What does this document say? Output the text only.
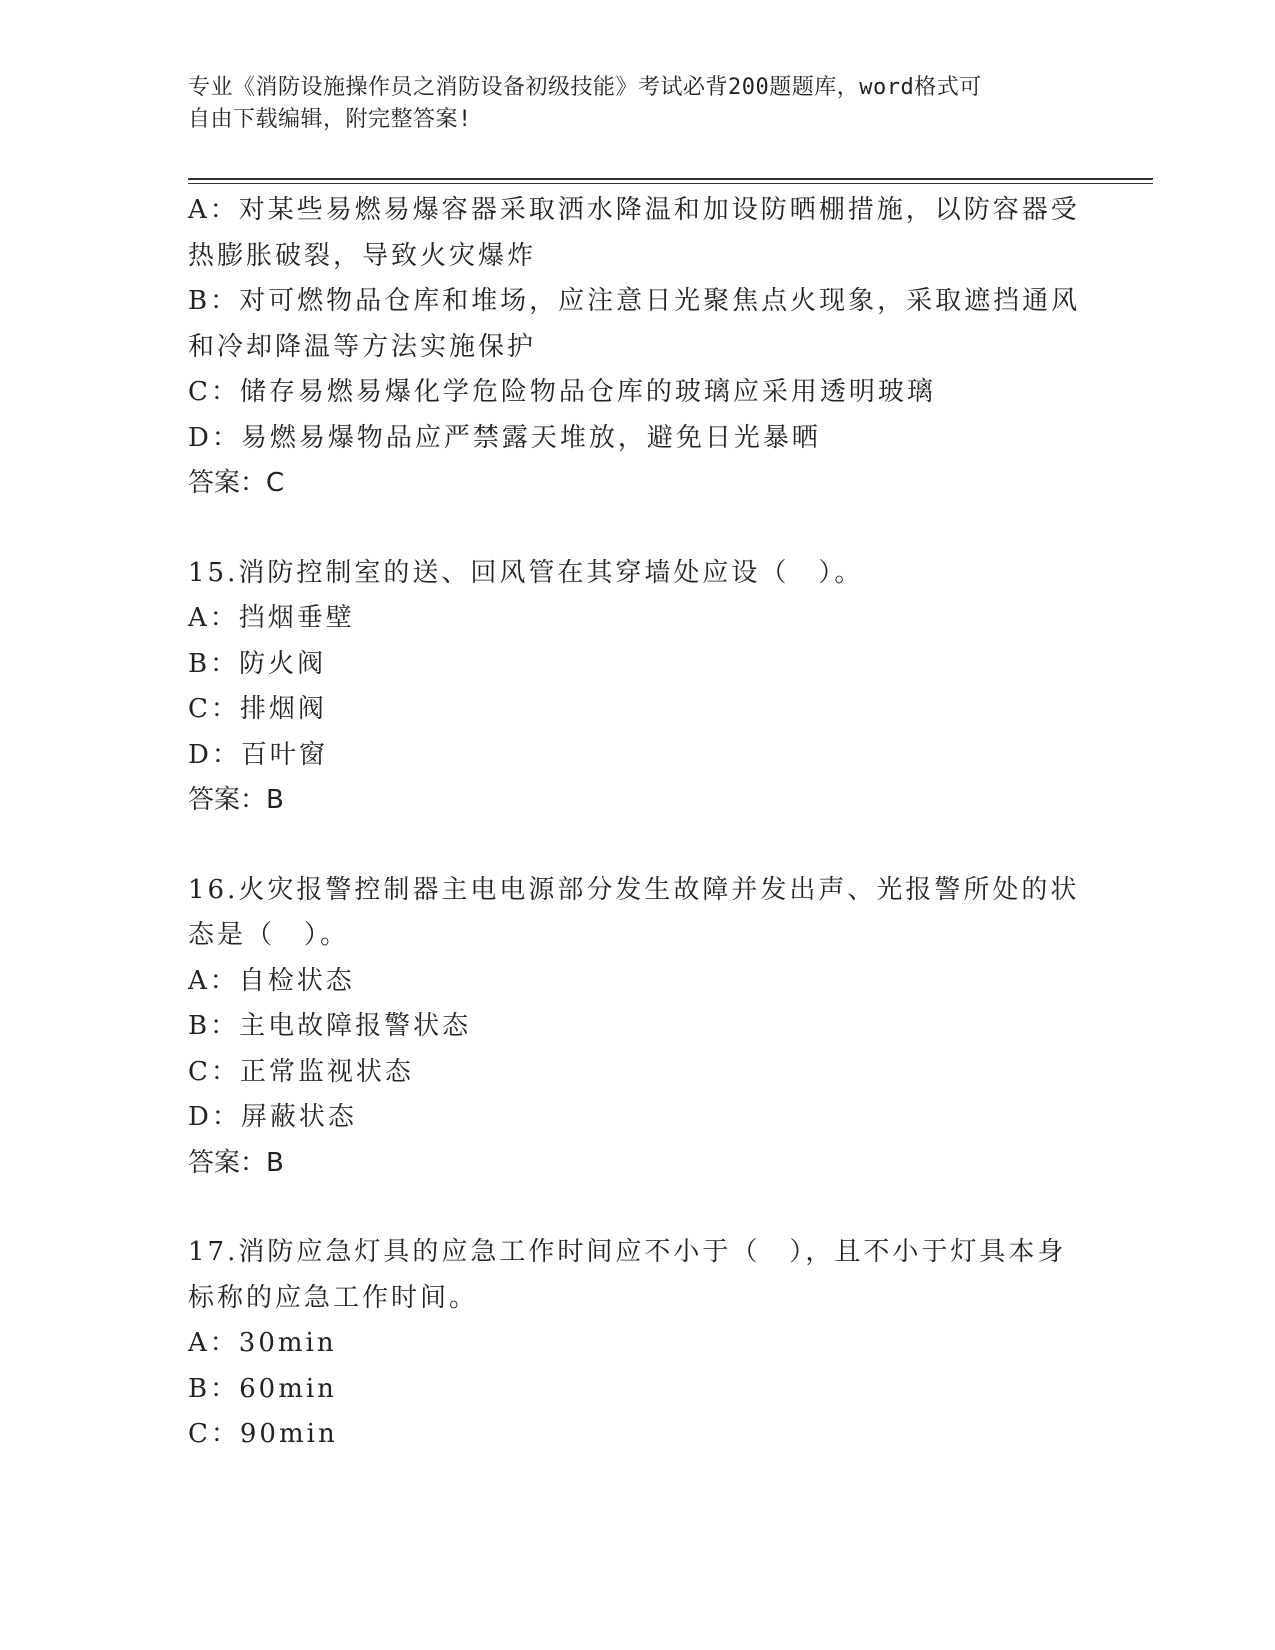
专业《消防设施操作员之消防设备初级技能》考试必背200题题库，word格式可
自由下载编辑，附完整答案!
A：对某些易燃易爆容器采取洒水降温和加设防晒棚措施，以防容器受
热膨胀破裂，导致火灾爆炸
B：对可燃物品仓库和堆场，应注意日光聚焦点火现象，采取遮挡通风
和冷却降温等方法实施保护
C：储存易燃易爆化学危险物品仓库的玻璃应采用透明玻璃
D：易燃易爆物品应严禁露天堆放，避免日光暴晒
答案：C
15.消防控制室的送、回风管在其穿墙处应设（　）。
A：挡烟垂壁
B：防火阀
C：排烟阀
D：百叶窗
答案：B
16.火灾报警控制器主电电源部分发生故障并发出声、光报警所处的状
态是（　）。
A：自检状态
B：主电故障报警状态
C：正常监视状态
D：屏蔽状态
答案：B
17.消防应急灯具的应急工作时间应不小于（　），且不小于灯具本身
标称的应急工作时间。
A：30min
B：60min
C：90min
